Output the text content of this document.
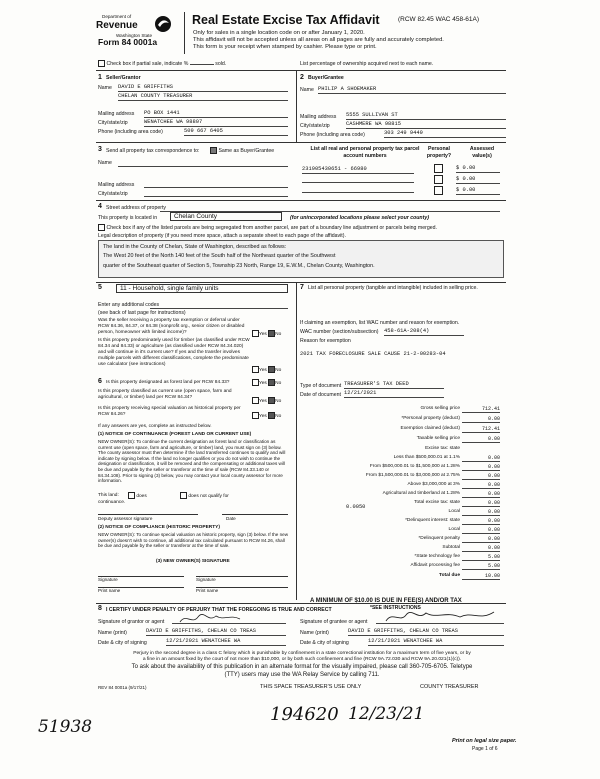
Department of
Revenue
Washington State
Form 84 0001a
Real Estate Excise Tax Affidavit	(RCW 82.45 WAC 458-61A)
Only for sales in a single location code on or after January 1, 2020.
This affidavit will not be accepted unless all areas on all pages are fully and accurately completed.
This form is your receipt when stamped by cashier. Please type or print.
Check box if partial sale, indicate %	sold.	List percentage of ownership acquired next to each name.
1 Seller/Grantor
Name DAVID E GRIFFITHS
CHELAN COUNTY TREASURER
Mailing address PO BOX 1441
City/state/zip	WENATCHEE WA 98807
Phone (including area code)	509 667 6405
2 Buyer/Grantee
Name PHILIP A SHOEMAKER
Mailing address 5555 SULLIVAN ST
City/state/zip	CASHMERE WA 98815
Phone (including area code)	303 249 9449
3 Send all property tax correspondence to:	Same as Buyer/Grantee
Name
Mailing address
City/state/zip
List all real and personal property tax parcel account numbers
Personal property?
Assessed value(s)
231905430651 - 66980	$ 0.00
$ 0.00
$ 0.00
4 Street address of property
This property is located in	Chelan County	(for unincorporated locations please select your county)
Check box if any of the listed parcels are being segregated from another parcel, are part of a boundary line adjustment or parcels being merged.
Legal description of property (if you need more space, attach a separate sheet to each page of the affidavit).
The land in the County of Chelan, State of Washington, described as follows:
The West 20 feet of the North 140 feet of the South half of the Northeast quarter of the Southwest
quarter of the Southeast quarter of Section 5, Township 23 North, Range 19, E.W.M., Chelan County, Washington.
5	11 - Household, single family units
Enter any additional codes
(see back of last page for instructions)
Was the seller receiving a property tax exemption or deferral under RCW 84.36, 84.37, or 84.38 (nonprofit org., senior citizen or disabled person, homeowner with limited income)?	Yes No
Is this property predominately used for timber (as classified under RCW 84.34 and 84.33) or agriculture (as classified under RCW 84.34.020) and will continue in it's current use? If yes and the transfer involves multiple parcels with different classifications, complete the predominate use calculator (see instructions)
Yes No
6 Is this property designated as forest land per RCW 84.33?	Yes No
Is this property classified as current use (open space, farm and agricultural, or timber) land per RCW 84.34?
Yes No
Is this property receiving special valuation as historical property per RCW 84.26?	Yes No
If any answers are yes, complete as instructed below.
(1) NOTICE OF CONTINUANCE (FOREST LAND OR CURRENT USE)
NEW OWNER(S): To continue the current designation as forest land or classification as current use (open space, farm and agriculture, or timber) land, you must sign on (3) below. The county assessor must then determine if the land transferred continues to qualify and will indicate by signing below. If the land no longer qualifies or you do not wish to continue the designation or classification, it will be removed and the compensating or additional taxes will be due and payable by the seller or transferor at the time of sale (RCW 84.33.140 or 84.34.108). Prior to signing (3) below, you may contact your local county assessor for more information.
This land:	does	does not qualify for
continuance.
Deputy assessor signature	Date
(2) NOTICE OF COMPLIANCE (HISTORIC PROPERTY)
NEW OWNER(S): To continue special valuation as historic property, sign (3) below. If the new owner(s) doesn't wish to continue, all additional tax calculated pursuant to RCW 84.26, shall be due and payable by the seller or transferor at the time of sale.
(3) NEW OWNER(S) SIGNATURE
Signature	Signature
Print name	Print name
7 List all personal property (tangible and intangible) included in selling price.
If claiming an exemption, list WAC number and reason for exemption.
WAC number (section/subsection) 458-61A-208(4)
Reason for exemption
2021 TAX FORECLOSURE SALE CAUSE 21-2-00283-04
Type of document TREASURER'S TAX DEED
Date of document 12/21/2021
Gross selling price	712.41
*Personal property (deduct)	0.00
Exemption claimed (deduct)	712.41
Taxable selling price	0.00
Excise tax: state
Less than $500,000.01 at 1.1%	0.00
From $500,000.01 to $1,500,000 at 1.28%	0.00
From $1,500,000.01 to $3,000,000 at 2.75%	0.00
Above $3,000,000 at 3%	0.00
Agricultural and timberland at 1.28%	0.00
Total excise tax: state	0.00
Local	0.00
*Delinquent interest: state	0.00
Local	0.00
*Delinquent penalty	0.00
Subtotal	0.00
*State technology fee	5.00
Affidavit processing fee	5.00
Total due	10.00
0.0050
A MINIMUM OF $10.00 IS DUE IN FEE(S) AND/OR TAX
*SEE INSTRUCTIONS
8 I CERTIFY UNDER PENALTY OF PERJURY THAT THE FOREGOING IS TRUE AND CORRECT
Signature of grantor or agent
Name (print)	DAVID E GRIFFITHS, CHELAN CO TREAS
Date & city of signing	12/21/2021 WENATCHEE WA
Signature of grantee or agent
Name (print)	DAVID E GRIFFITHS, CHELAN CO TREAS
Date & city of signing	12/21/2021 WENATCHEE WA
Perjury in the second degree is a class C felony which is punishable by confinement in a state correctional institution for a maximum term of five years, or by
a fine in an amount fixed by the court of not more than $10,000, or by both such confinement and fine (RCW 9A.72.030 and RCW 9A.20.021(1)(c)).
To ask about the availability of this publication in an alternate format for the visually impaired, please call 360-705-6705. Teletype
(TTY) users may use the WA Relay Service by calling 711.
REV 84 0001a (9/17/21)	THIS SPACE TREASURER'S USE ONLY	COUNTY TREASURER
194620 12/23/21
51938
Print on legal size paper.
Page 1 of 6
